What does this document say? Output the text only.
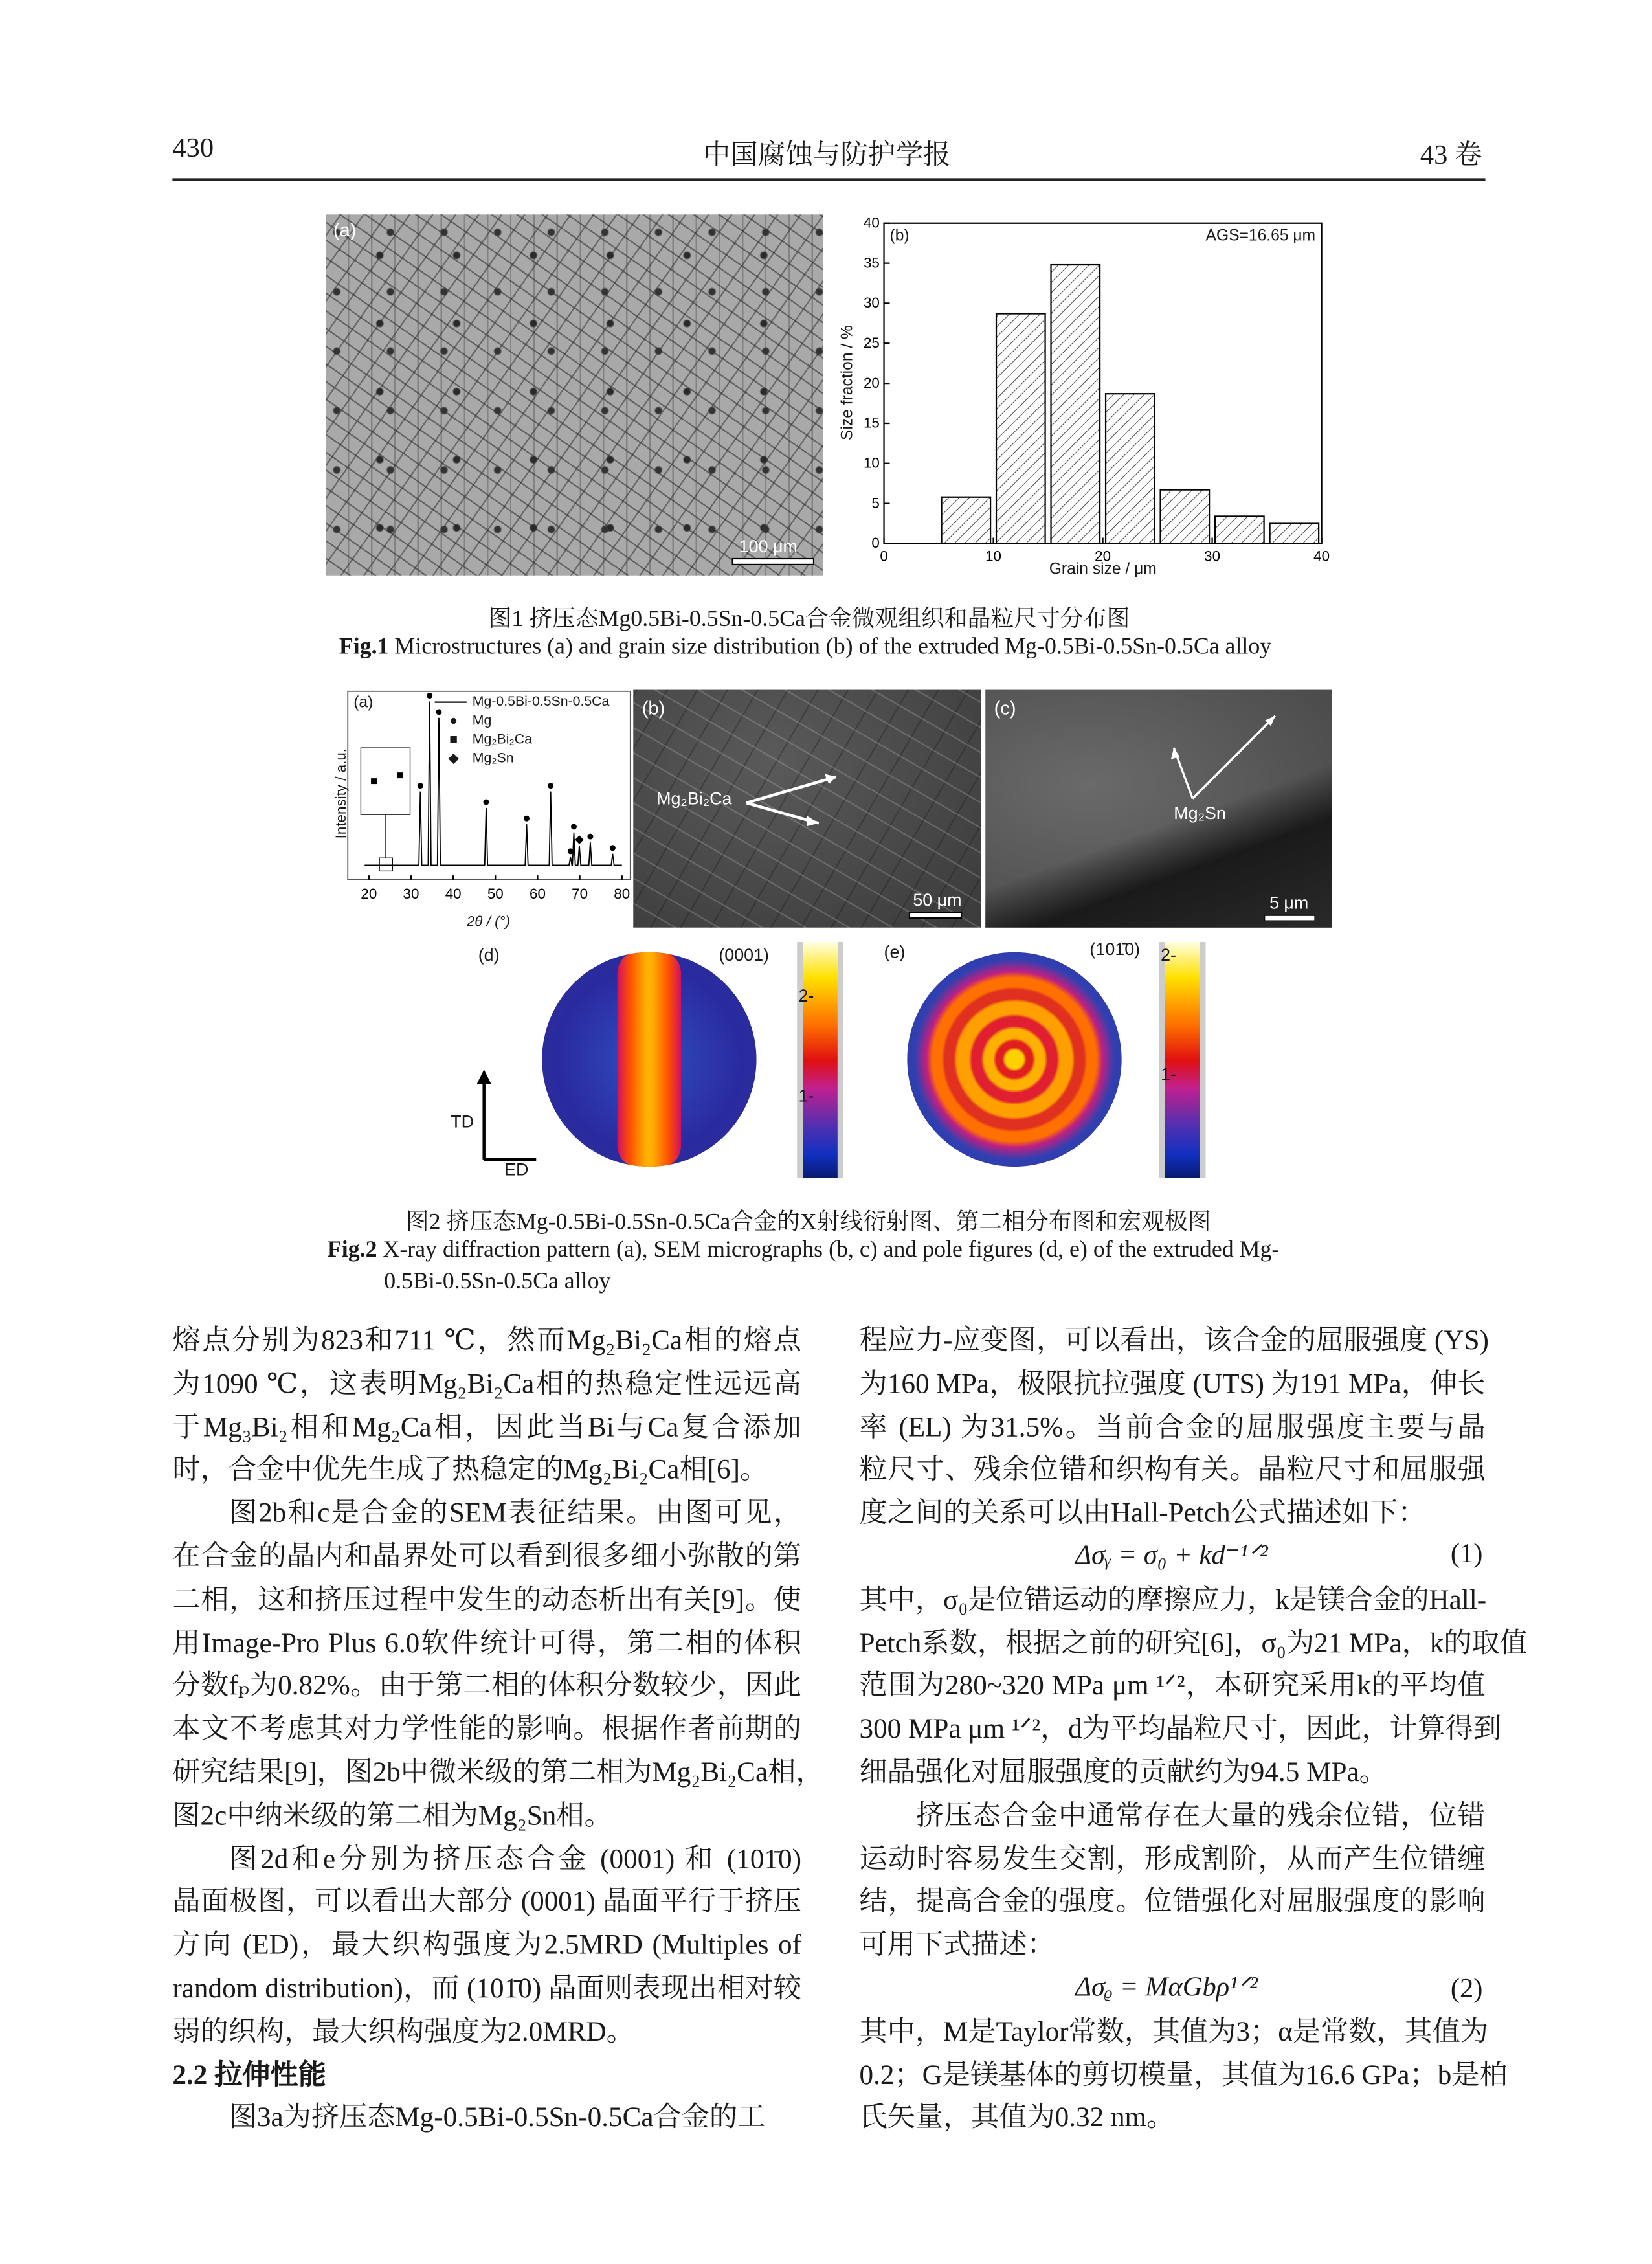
430	中国腐蚀与防护学报	43 卷
(a)
100 μm	0	10	20	30	40
0
5
10
15
20
25
30
35
40
(b)	AGS=16.65 μm
Grain size / μm
Size fraction / %
图1 挤压态Mg0.5Bi-0.5Sn-0.5Ca合金微观组织和晶粒尺寸分布图
Fig.1 Microstructures (a) and grain size distribution (b) of the extruded Mg-0.5Bi-0.5Sn-0.5Ca alloy
20	30	40	50	60	70	80
(a)
Intensity / a.u.
2θ / (°)
Mg-0.5Bi-0.5Sn-0.5Ca
● Mg
■ Mg₂Bi₂Ca
◆ Mg₂Sn
(b)
Mg₂Bi₂Ca
50 μm
(c)
Mg₂Sn
5 μm
(d)	(0001)
2-
1-
(e)	(101̄0)	2-
1-
TD
ED
图2 挤压态Mg-0.5Bi-0.5Sn-0.5Ca合金的X射线衍射图、第二相分布图和宏观极图
Fig.2 X-ray diffraction pattern (a), SEM micrographs (b, c) and pole figures (d, e) of the extruded Mg-
0.5Bi-0.5Sn-0.5Ca alloy
熔点分别为823和711 ℃，然而Mg₂Bi₂Ca相的熔点
为1090 ℃，这表明Mg₂Bi₂Ca相的热稳定性远远高
于Mg₃Bi₂相和Mg₂Ca相，因此当Bi与Ca复合添加
时，合金中优先生成了热稳定的Mg₂Bi₂Ca相[6]。
图2b和c是合金的SEM表征结果。由图可见，
在合金的晶内和晶界处可以看到很多细小弥散的第
二相，这和挤压过程中发生的动态析出有关[9]。使
用Image-Pro Plus 6.0软件统计可得，第二相的体积
分数fₚ为0.82%。由于第二相的体积分数较少，因此
本文不考虑其对力学性能的影响。根据作者前期的
研究结果[9]，图2b中微米级的第二相为Mg₂Bi₂Ca相，
图2c中纳米级的第二相为Mg₂Sn相。
图2d和e分别为挤压态合金 (0001) 和 (101̄0)
晶面极图，可以看出大部分 (0001) 晶面平行于挤压
方向 (ED)，最大织构强度为2.5MRD (Multiples of
random distribution)，而 (101̄0) 晶面则表现出相对较
弱的织构，最大织构强度为2.0MRD。
2.2 拉伸性能
图3a为挤压态Mg-0.5Bi-0.5Sn-0.5Ca合金的工
程应力-应变图，可以看出，该合金的屈服强度 (YS)
为160 MPa，极限抗拉强度 (UTS) 为191 MPa，伸长
率 (EL) 为31.5%。当前合金的屈服强度主要与晶
粒尺寸、残余位错和织构有关。晶粒尺寸和屈服强
度之间的关系可以由Hall-Petch公式描述如下：
其中，σ₀是位错运动的摩擦应力，k是镁合金的Hall-
Petch系数，根据之前的研究[6]，σ₀为21 MPa，k的取值
范围为280~320 MPa μm ¹ᐟ²，本研究采用k的平均值
300 MPa μm ¹ᐟ²，d为平均晶粒尺寸，因此，计算得到
细晶强化对屈服强度的贡献约为94.5 MPa。
挤压态合金中通常存在大量的残余位错，位错
运动时容易发生交割，形成割阶，从而产生位错缠
结，提高合金的强度。位错强化对屈服强度的影响
可用下式描述：
其中，M是Taylor常数，其值为3；α是常数，其值为
0.2；G是镁基体的剪切模量，其值为16.6 GPa；b是柏
氏矢量，其值为0.32 nm。
Δσᵧ = σ₀ + kd⁻¹ᐟ²	(1)
Δσᵨ = MαGbρ¹ᐟ²	(2)
